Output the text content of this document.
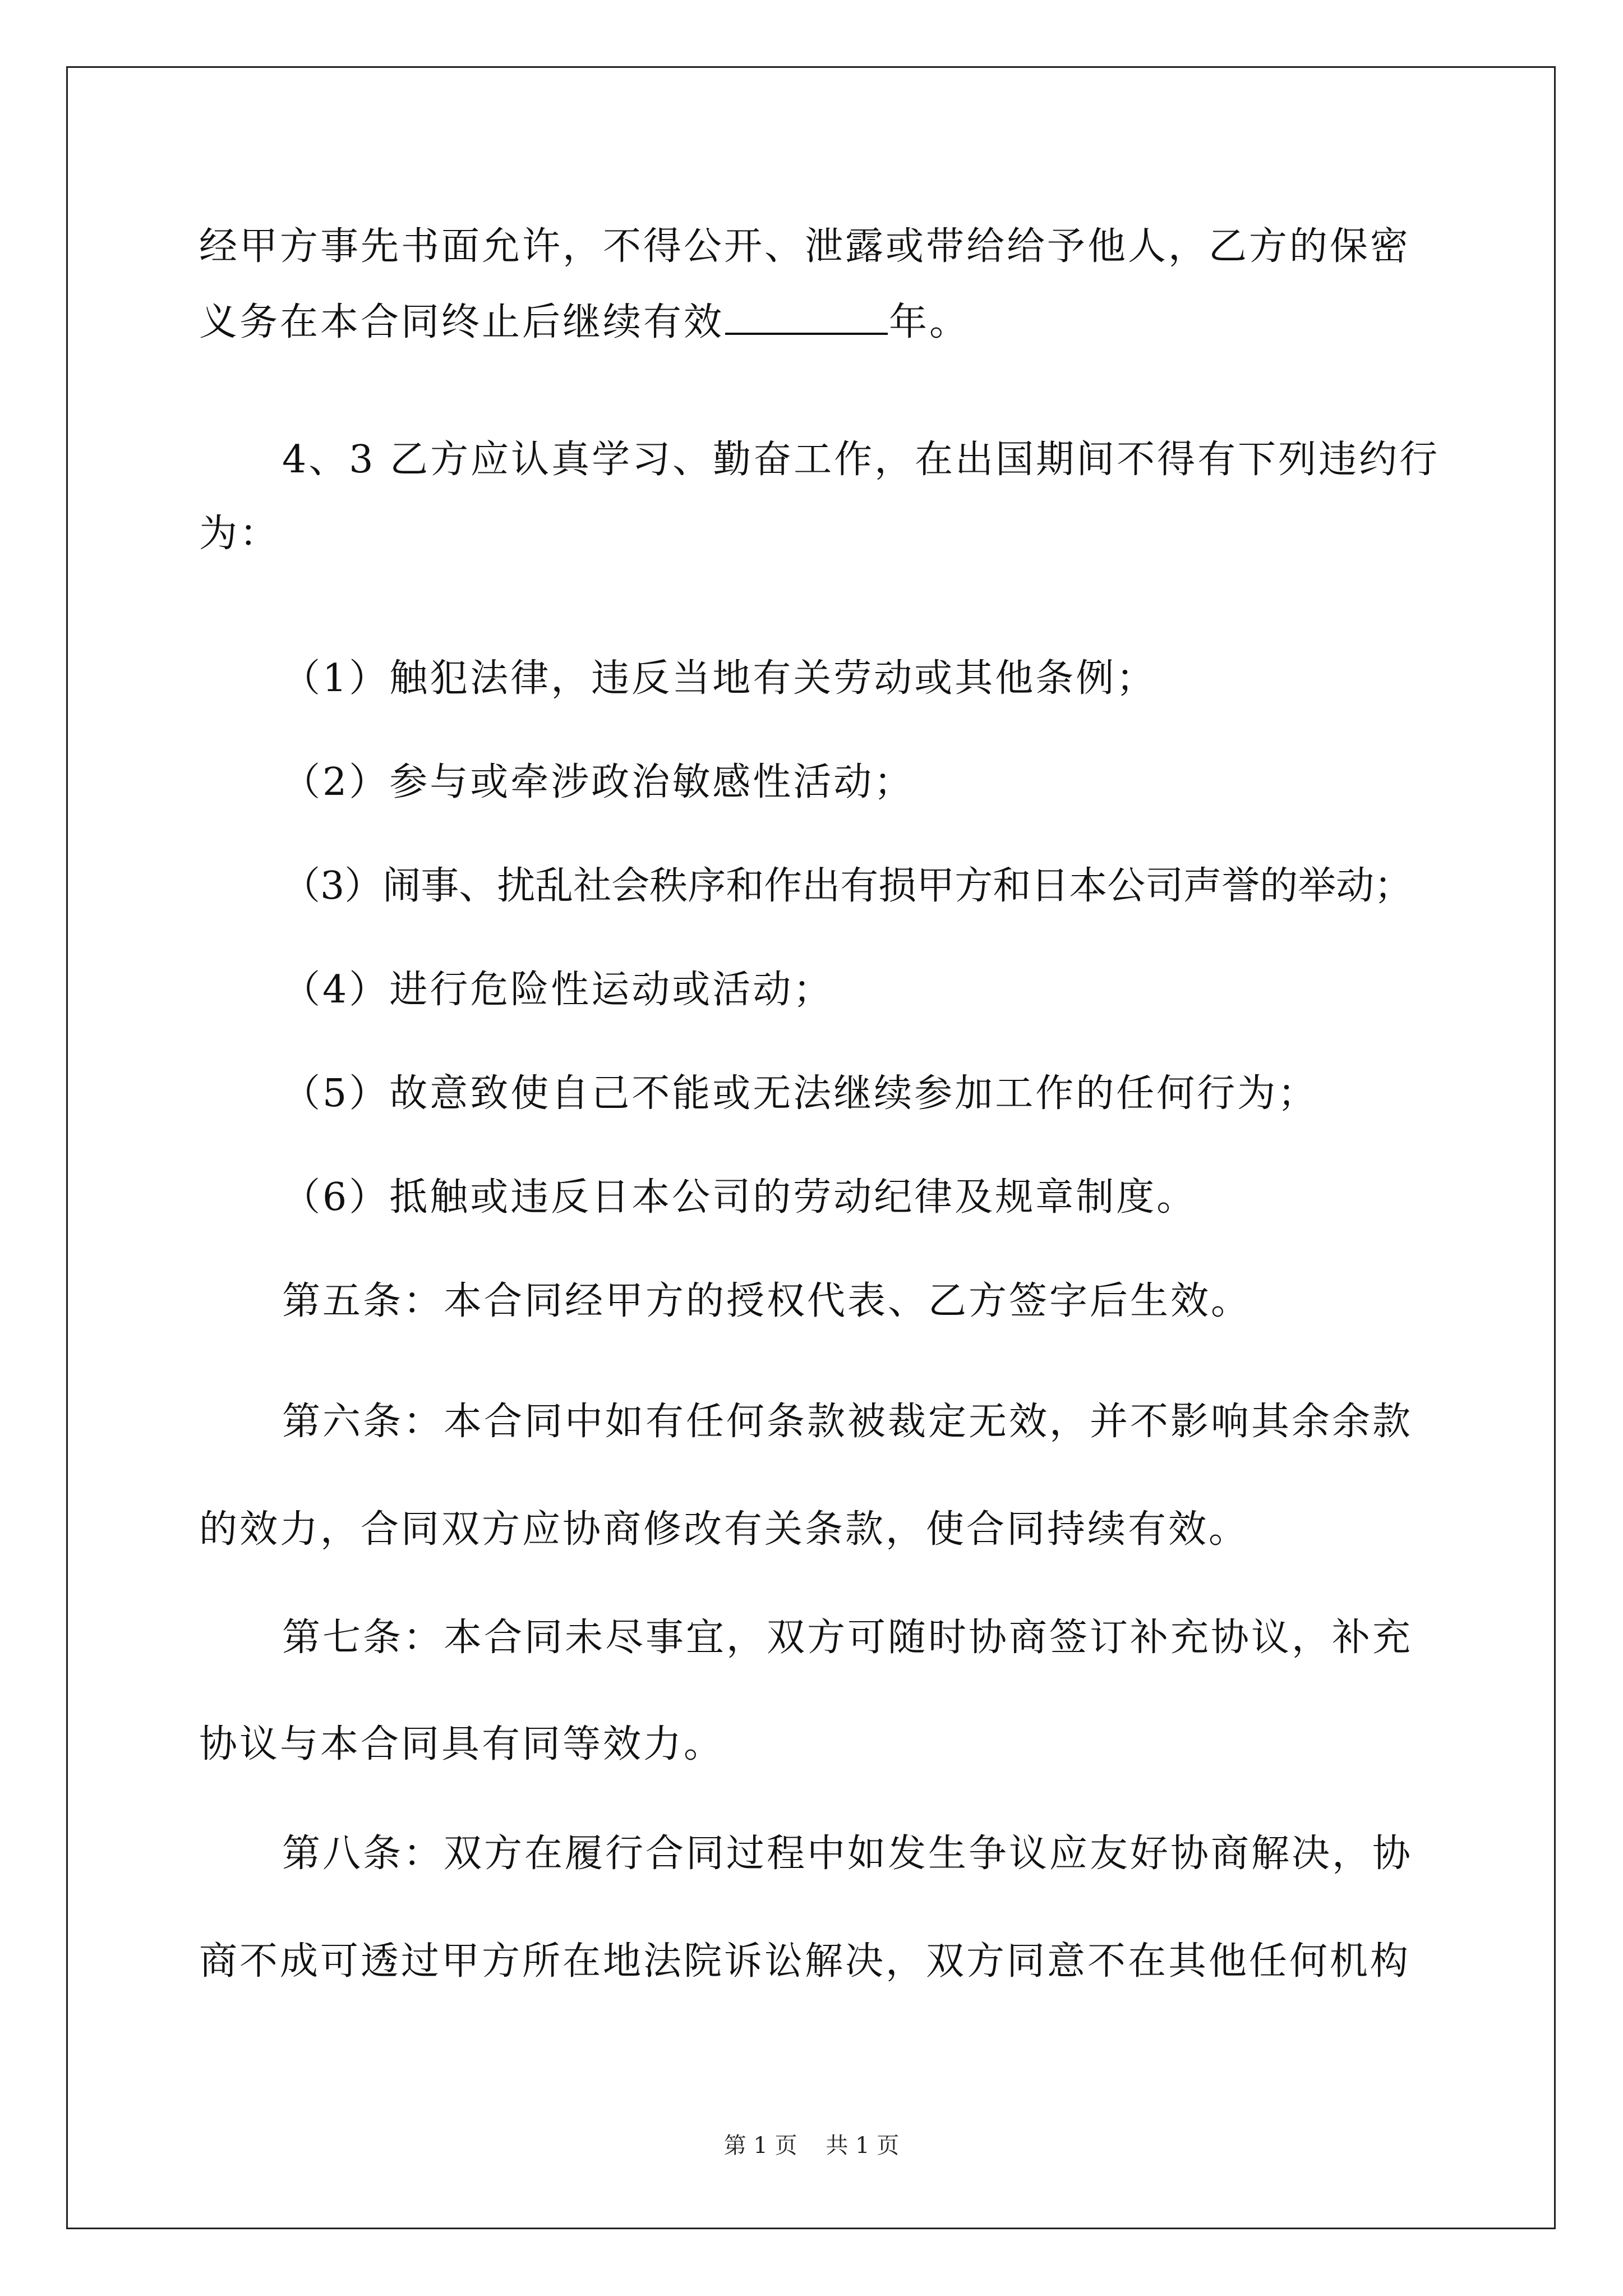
经甲方事先书面允许，不得公开、泄露或带给给予他人，乙方的保密
义务在本合同终止后继续有效	年。
4、3 乙方应认真学习、勤奋工作，在出国期间不得有下列违约行
为：
（1）触犯法律，违反当地有关劳动或其他条例；
（2）参与或牵涉政治敏感性活动；
（3）闹事、扰乱社会秩序和作出有损甲方和日本公司声誉的举动；
（4）进行危险性运动或活动；
（5）故意致使自己不能或无法继续参加工作的任何行为；
（6）抵触或违反日本公司的劳动纪律及规章制度。
第五条：本合同经甲方的授权代表、乙方签字后生效。
第六条：本合同中如有任何条款被裁定无效，并不影响其余余款
的效力，合同双方应协商修改有关条款，使合同持续有效。
第七条：本合同未尽事宜，双方可随时协商签订补充协议，补充
协议与本合同具有同等效力。
第八条：双方在履行合同过程中如发生争议应友好协商解决，协
商不成可透过甲方所在地法院诉讼解决，双方同意不在其他任何机构
第 1 页    共 1 页
